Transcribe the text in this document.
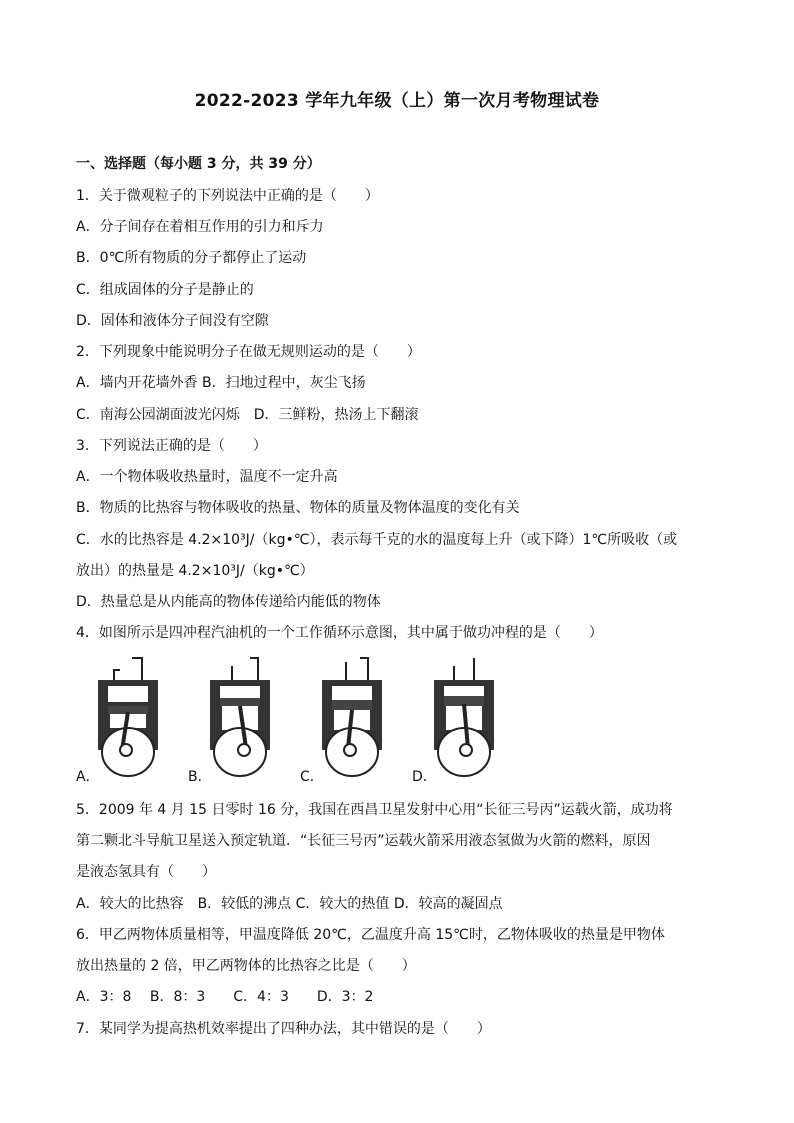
2022-2023 学年九年级（上）第一次月考物理试卷
一、选择题（每小题 3 分，共 39 分）
1．关于微观粒子的下列说法中正确的是（　　）
A．分子间存在着相互作用的引力和斥力
B．0℃所有物质的分子都停止了运动
C．组成固体的分子是静止的
D．固体和液体分子间没有空隙
2．下列现象中能说明分子在做无规则运动的是（　　）
A．墙内开花墙外香 B．扫地过程中，灰尘飞扬
C．南海公园湖面波光闪烁　D．三鲜粉，热汤上下翻滚
3．下列说法正确的是（　　）
A．一个物体吸收热量时，温度不一定升高
B．物质的比热容与物体吸收的热量、物体的质量及物体温度的变化有关
C．水的比热容是 4.2×10³J/（kg•℃），表示每千克的水的温度每上升（或下降）1℃所吸收（或
放出）的热量是 4.2×10³J/（kg•℃）
D．热量总是从内能高的物体传递给内能低的物体
4．如图所示是四冲程汽油机的一个工作循环示意图，其中属于做功冲程的是（　　）
A．	B．	C．	D．
5．2009 年 4 月 15 日零时 16 分，我国在西昌卫星发射中心用“长征三号丙”运载火箭，成功将
第二颗北斗导航卫星送入预定轨道．“长征三号丙”运载火箭采用液态氢做为火箭的燃料，原因
是液态氢具有（　　）
A．较大的比热容　B．较低的沸点 C．较大的热值 D．较高的凝固点
6．甲乙两物体质量相等，甲温度降低 20℃，乙温度升高 15℃时，乙物体吸收的热量是甲物体
放出热量的 2 倍，甲乙两物体的比热容之比是（　　）
A．3：8　 B．8：3　　C．4：3　　D．3：2
7．某同学为提高热机效率提出了四种办法，其中错误的是（　　）
